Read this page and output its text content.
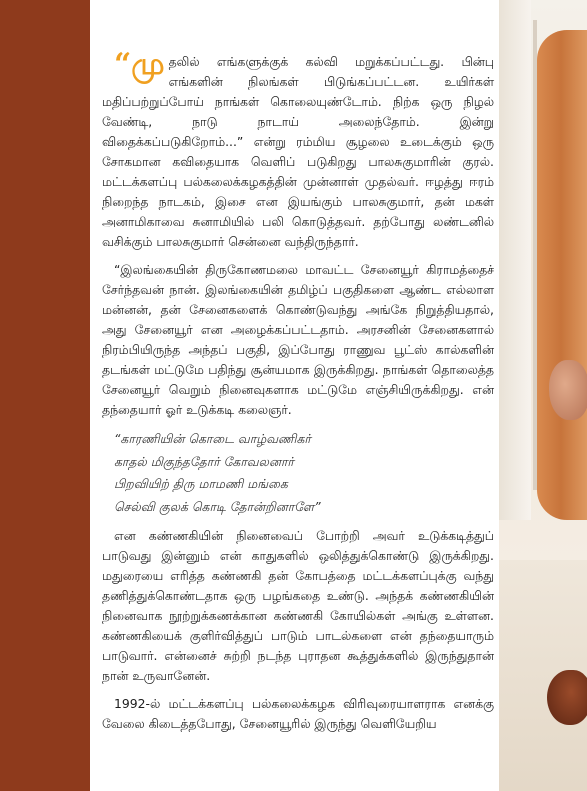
“மு தலில் எங்களுக்குக் கல்வி மறுக்கப்பட்டது. பின்பு எங்களின் நிலங்கள் பிடுங்கப்பட்டன. உயிர்கள் மதிப்பற்றுப்போய் நாங்கள் கொலையுண்டோம். நிற்க ஒரு நிழல் வேண்டி, நாடு நாடாய் அலைந்தோம். இன்று விதைக்கப்படுகிறோம்...” என்று ரம்மிய சூழலை உடைக்கும் ஒரு சோகமான கவிதையாக வெளிப் படுகிறது பாலசுகுமாரின் குரல். மட்டக்களப்பு பல்கலைக்கழகத்தின் முன்னாள் முதல்வர். ஈழத்து ஈரம் நிறைந்த நாடகம், இசை என இயங்கும் பாலசுகுமார், தன் மகள் அனாமிகாவை சுனாமியில் பலி கொடுத்தவர். தற்போது லண்டனில் வசிக்கும் பாலசுகுமார் சென்னை வந்திருந்தார்.

“இலங்கையின் திருகோணமலை மாவட்ட சேனையூர் கிராமத்தைச் சேர்ந்தவன் நான். இலங்கையின் தமிழ்ப் பகுதிகளை ஆண்ட எல்லாள மன்னன், தன் சேனைகளைக் கொண்டுவந்து அங்கே நிறுத்தியதால், அது சேனையூர் என அழைக்கப்பட்டதாம். அரசனின் சேனைகளால் நிரம்பியிருந்த அந்தப் பகுதி, இப்போது ராணுவ பூட்ஸ் கால்களின் தடங்கள் மட்டுமே பதிந்து சூன்யமாக இருக்கிறது. நாங்கள் தொலைத்த சேனையூர் வெறும் நினைவுகளாக மட்டுமே எஞ்சியிருக்கிறது. என் தந்தையார் ஓர் உடுக்கடி கலைஞர்.

“காரணியின் கொடை வாழ்வணிகர்
காதல் மிகுந்ததோர் கோவலனார்
பிறவியிற் திரு மாமணி மங்கை
செல்வி குலக் கொடி தோன்றினாளே”

என கண்ணகியின் நினைவைப் போற்றி அவர் உடுக்கடித்துப் பாடுவது இன்னும் என் காதுகளில் ஒலித்துக்கொண்டு இருக்கிறது. மதுரையை எரித்த கண்ணகி தன் கோபத்தை மட்டக்களப்புக்கு வந்து தணித்துக்கொண்டதாக ஒரு பழங்கதை உண்டு. அந்தக் கண்ணகியின் நினைவாக நூற்றுக்கணக்கான கண்ணகி கோயில்கள் அங்கு உள்ளன. கண்ணகியைக் குளிர்வித்துப் பாடும் பாடல்களை என் தந்தையாரும் பாடுவார். என்னைச் சுற்றி நடந்த புராதன கூத்துக்களில் இருந்துதான் நான் உருவானேன்.

1992-ல் மட்டக்களப்பு பல்கலைக்கழக விரிவுரையாளராக எனக்கு வேலை கிடைத்தபோது, சேனையூரில் இருந்து வெளியேறிய
